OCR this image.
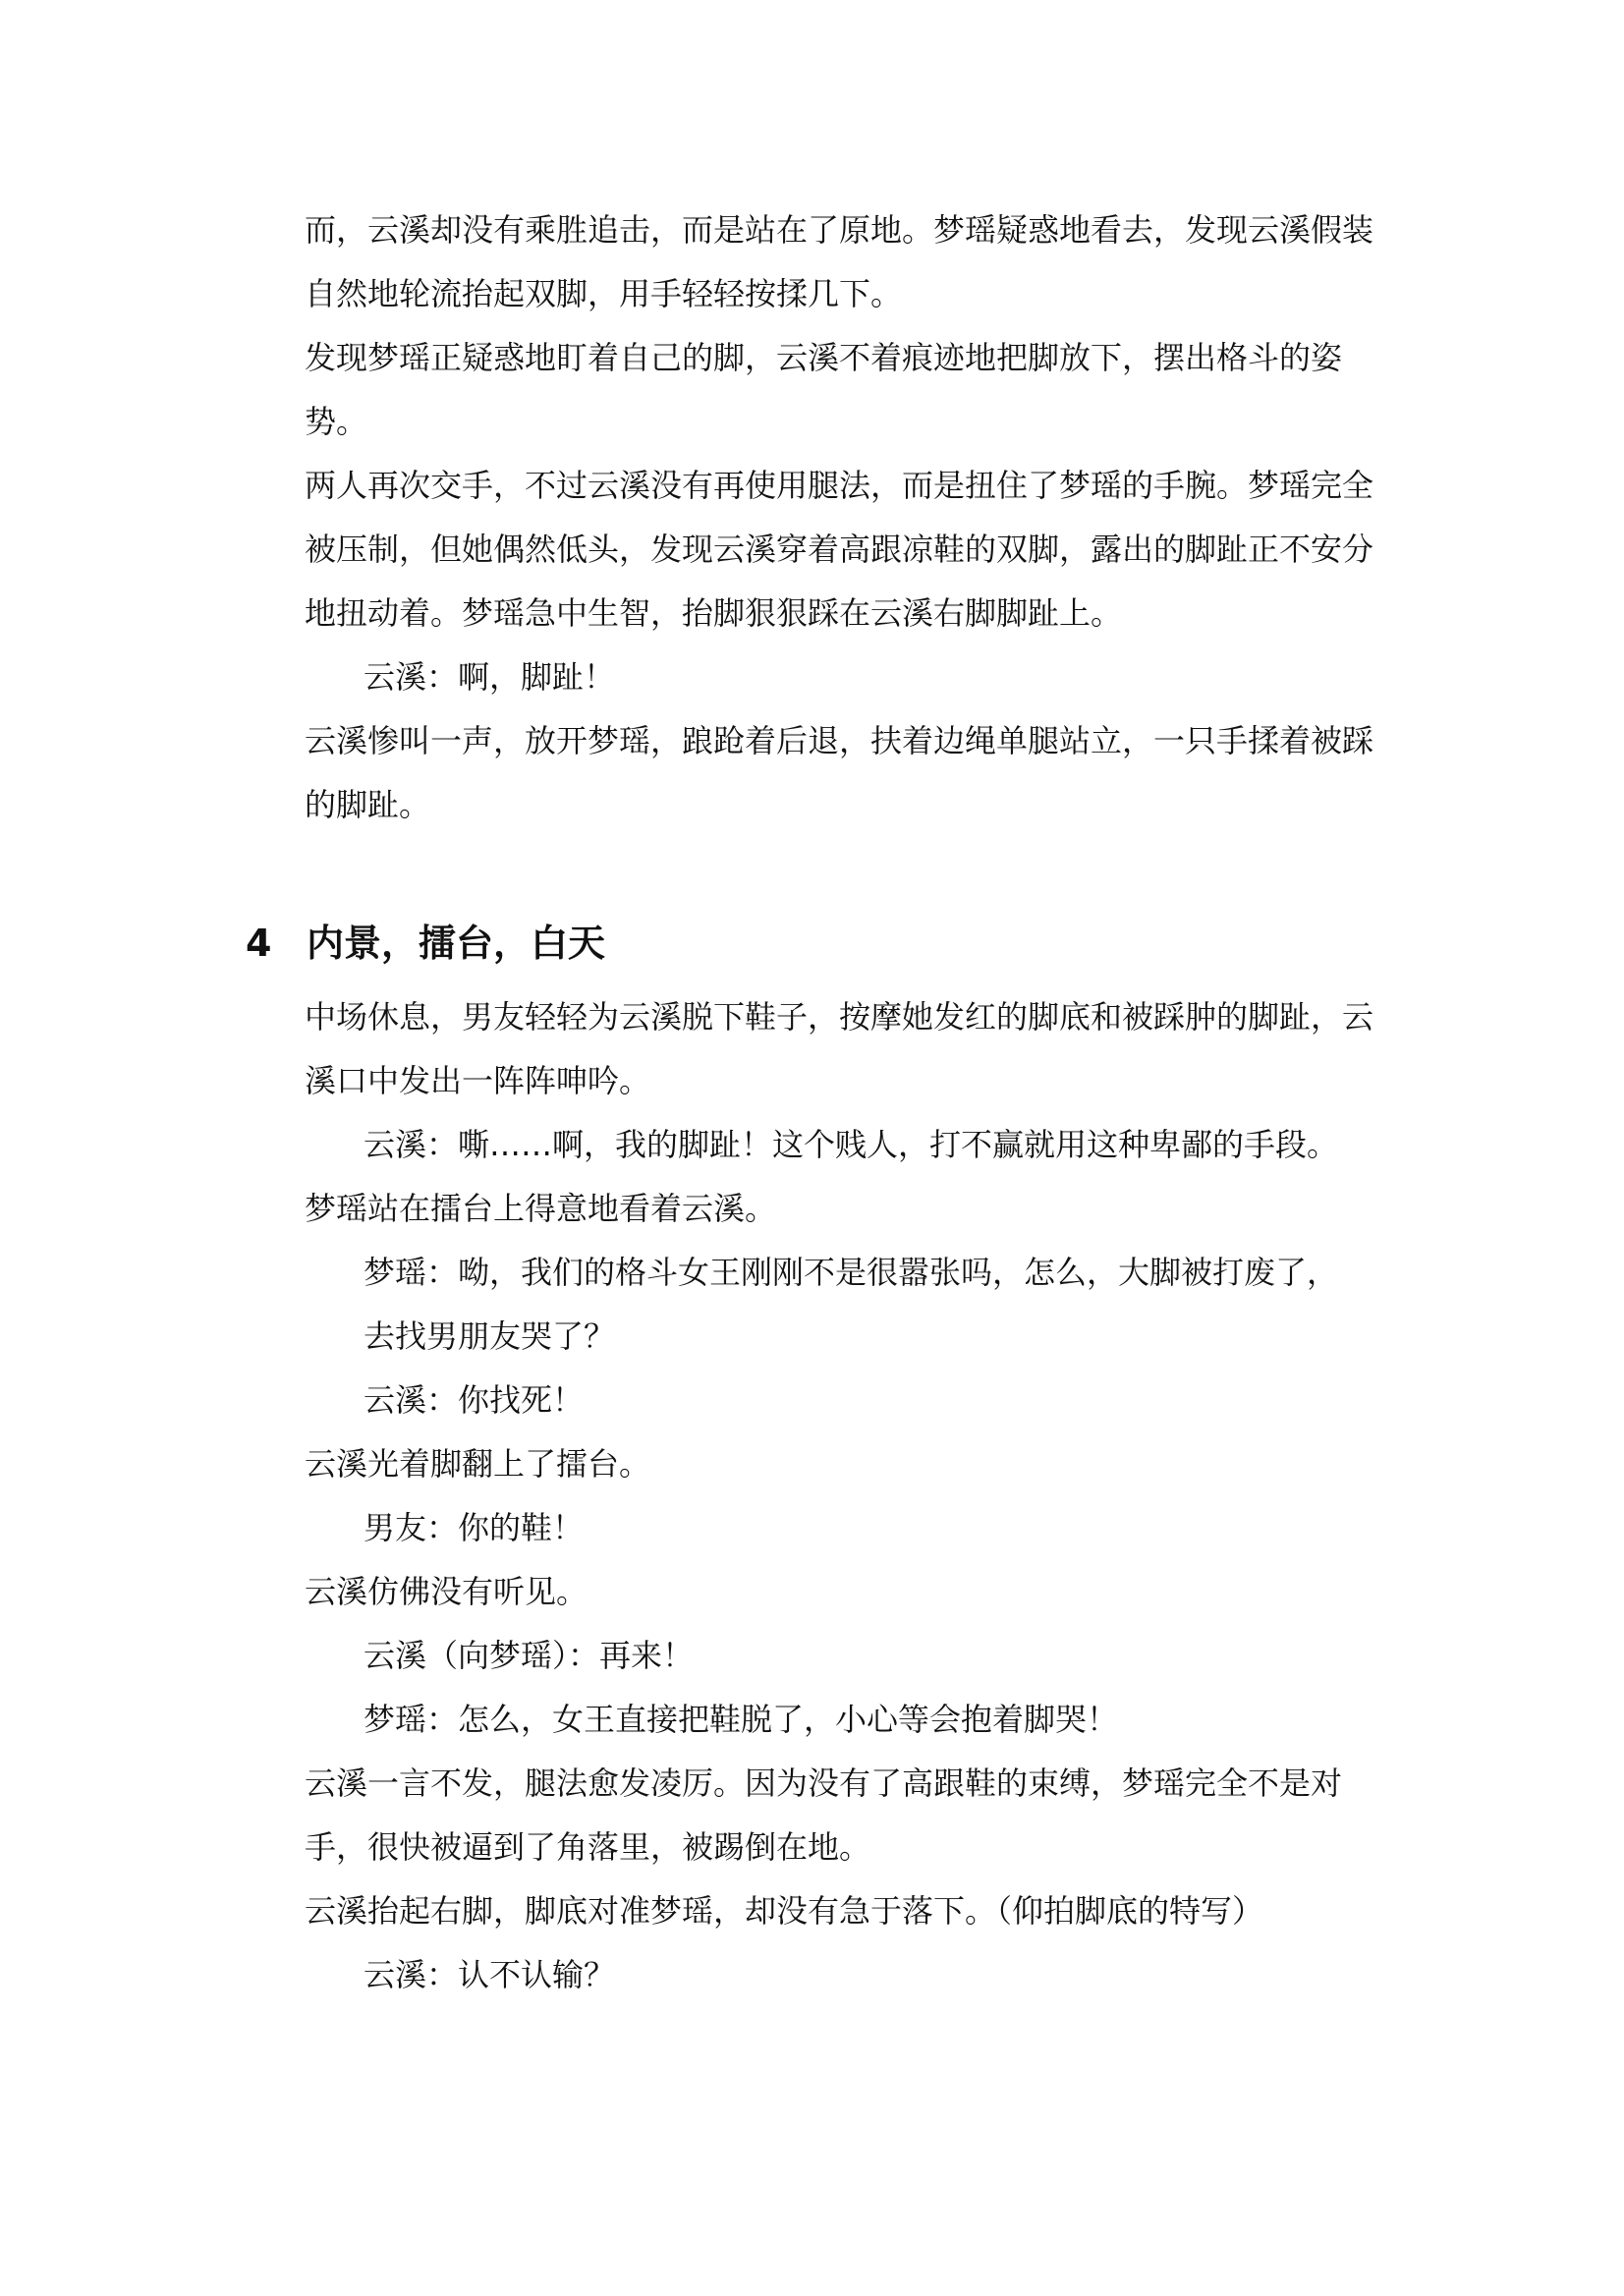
而，云溪却没有乘胜追击，而是站在了原地。梦瑶疑惑地看去，发现云溪假装自然地轮流抬起双脚，用手轻轻按揉几下。

发现梦瑶正疑惑地盯着自己的脚，云溪不着痕迹地把脚放下，摆出格斗的姿势。

两人再次交手，不过云溪没有再使用腿法，而是扭住了梦瑶的手腕。梦瑶完全被压制，但她偶然低头，发现云溪穿着高跟凉鞋的双脚，露出的脚趾正不安分地扭动着。梦瑶急中生智，抬脚狠狠踩在云溪右脚脚趾上。

云溪：啊，脚趾！

云溪惨叫一声，放开梦瑶，踉跄着后退，扶着边绳单腿站立，一只手揉着被踩的脚趾。

4 内景，擂台，白天

中场休息，男友轻轻为云溪脱下鞋子，按摩她发红的脚底和被踩肿的脚趾，云溪口中发出一阵阵呻吟。

云溪：嘶……啊，我的脚趾！这个贱人，打不赢就用这种卑鄙的手段。

梦瑶站在擂台上得意地看着云溪。

梦瑶：呦，我们的格斗女王刚刚不是很嚣张吗，怎么，大脚被打废了，去找男朋友哭了？

云溪：你找死！

云溪光着脚翻上了擂台。

男友：你的鞋！

云溪仿佛没有听见。

云溪（向梦瑶）：再来！

梦瑶：怎么，女王直接把鞋脱了，小心等会抱着脚哭！

云溪一言不发，腿法愈发凌厉。因为没有了高跟鞋的束缚，梦瑶完全不是对手，很快被逼到了角落里，被踢倒在地。

云溪抬起右脚，脚底对准梦瑶，却没有急于落下。（仰拍脚底的特写）

云溪：认不认输？
